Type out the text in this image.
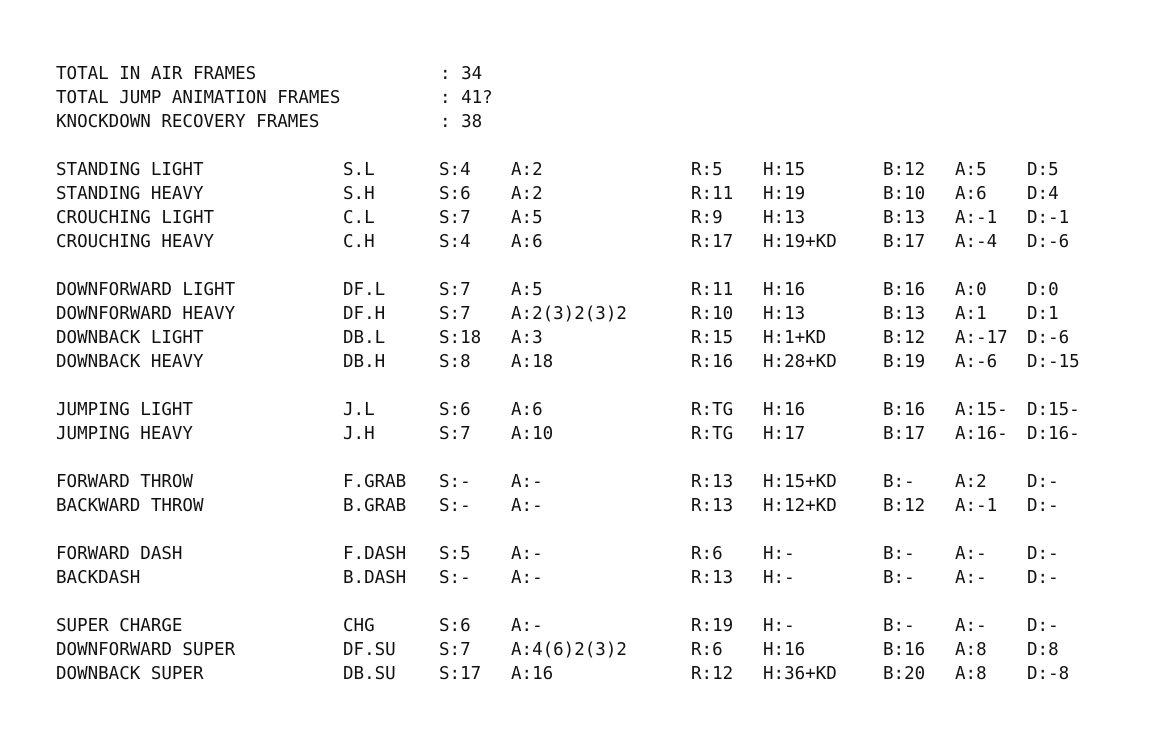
TOTAL IN AIR FRAMES	: 34
TOTAL JUMP ANIMATION FRAMES	: 41?
KNOCKDOWN RECOVERY FRAMES	: 38
STANDING LIGHT	S.L	S:4 A:2	R:5 H:15	B:12 A:5 D:5
STANDING HEAVY	S.H	S:6 A:2	R:11 H:19	B:10 A:6 D:4
CROUCHING LIGHT	C.L	S:7 A:5	R:9 H:13	B:13 A:-1 D:-1
CROUCHING HEAVY	C.H	S:4 A:6	R:17 H:19+KD	B:17 A:-4 D:-6
DOWNFORWARD LIGHT	DF.L	S:7 A:5	R:11 H:16	B:16 A:0 D:0
DOWNFORWARD HEAVY	DF.H	S:7 A:2(3)2(3)2	R:10 H:13	B:13 A:1 D:1
DOWNBACK LIGHT	DB.L	S:18 A:3	R:15 H:1+KD	B:12 A:-17 D:-6
DOWNBACK HEAVY	DB.H	S:8 A:18	R:16 H:28+KD	B:19 A:-6 D:-15
JUMPING LIGHT	J.L	S:6 A:6	R:TG H:16	B:16 A:15- D:15-
JUMPING HEAVY	J.H	S:7 A:10	R:TG H:17	B:17 A:16- D:16-
FORWARD THROW	F.GRAB S:- A:-	R:13 H:15+KD	B:- A:2 D:-
BACKWARD THROW	B.GRAB S:- A:-	R:13 H:12+KD	B:12 A:-1 D:-
FORWARD DASH	F.DASH S:5 A:-	R:6 H:-	B:- A:- D:-
BACKDASH	B.DASH S:- A:-	R:13 H:-	B:- A:- D:-
SUPER CHARGE	CHG	S:6 A:-	R:19 H:-	B:- A:- D:-
DOWNFORWARD SUPER	DF.SU S:7 A:4(6)2(3)2	R:6 H:16	B:16 A:8 D:8
DOWNBACK SUPER	DB.SU S:17 A:16	R:12 H:36+KD	B:20 A:8 D:-8
